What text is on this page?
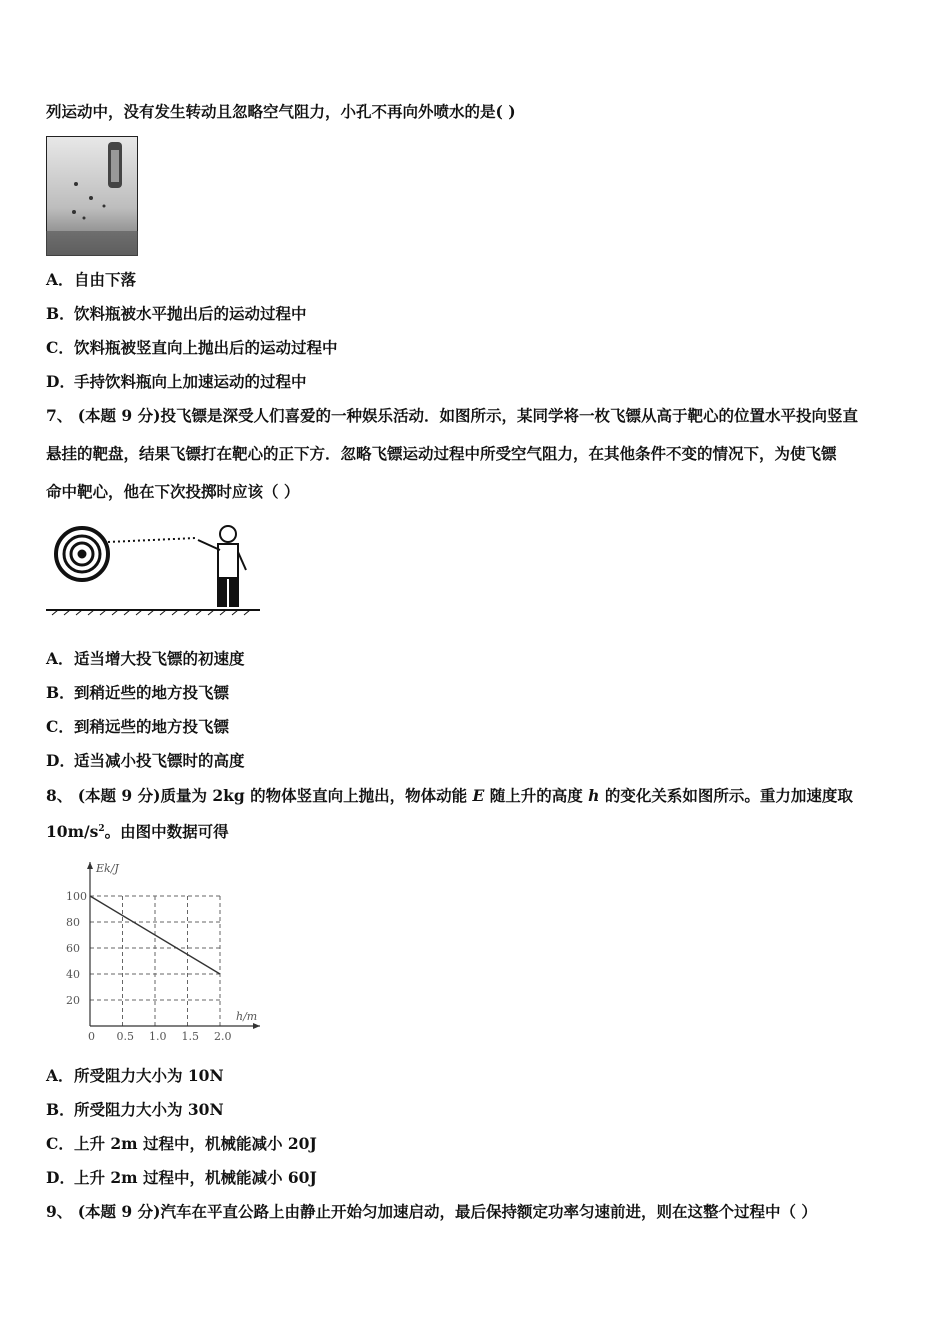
列运动中，没有发生转动且忽略空气阻力，小孔不再向外喷水的是( )
A．自由下落
B．饮料瓶被水平抛出后的运动过程中
C．饮料瓶被竖直向上抛出后的运动过程中
D．手持饮料瓶向上加速运动的过程中
7、 (本题 9 分)投飞镖是深受人们喜爱的一种娱乐活动．如图所示，某同学将一枚飞镖从高于靶心的位置水平投向竖直
悬挂的靶盘，结果飞镖打在靶心的正下方．忽略飞镖运动过程中所受空气阻力，在其他条件不变的情况下，为使飞镖
命中靶心，他在下次投掷时应该（ ）
A．适当增大投飞镖的初速度
B．到稍近些的地方投飞镖
C．到稍远些的地方投飞镖
D．适当减小投飞镖时的高度
8、 (本题 9 分)质量为 2kg 的物体竖直向上抛出，物体动能 E 随上升的高度 h 的变化关系如图所示。重力加速度取
$10m/s^2$。由图中数据可得
0 0.5 1.0 1.5 2.0
20
40
60
80
100
Ek/J
h/m
A．所受阻力大小为 10N
B．所受阻力大小为 30N
C．上升 2m 过程中，机械能减小 20J
D．上升 2m 过程中，机械能减小 60J
9、 (本题 9 分)汽车在平直公路上由静止开始匀加速启动，最后保持额定功率匀速前进，则在这整个过程中（ ）
